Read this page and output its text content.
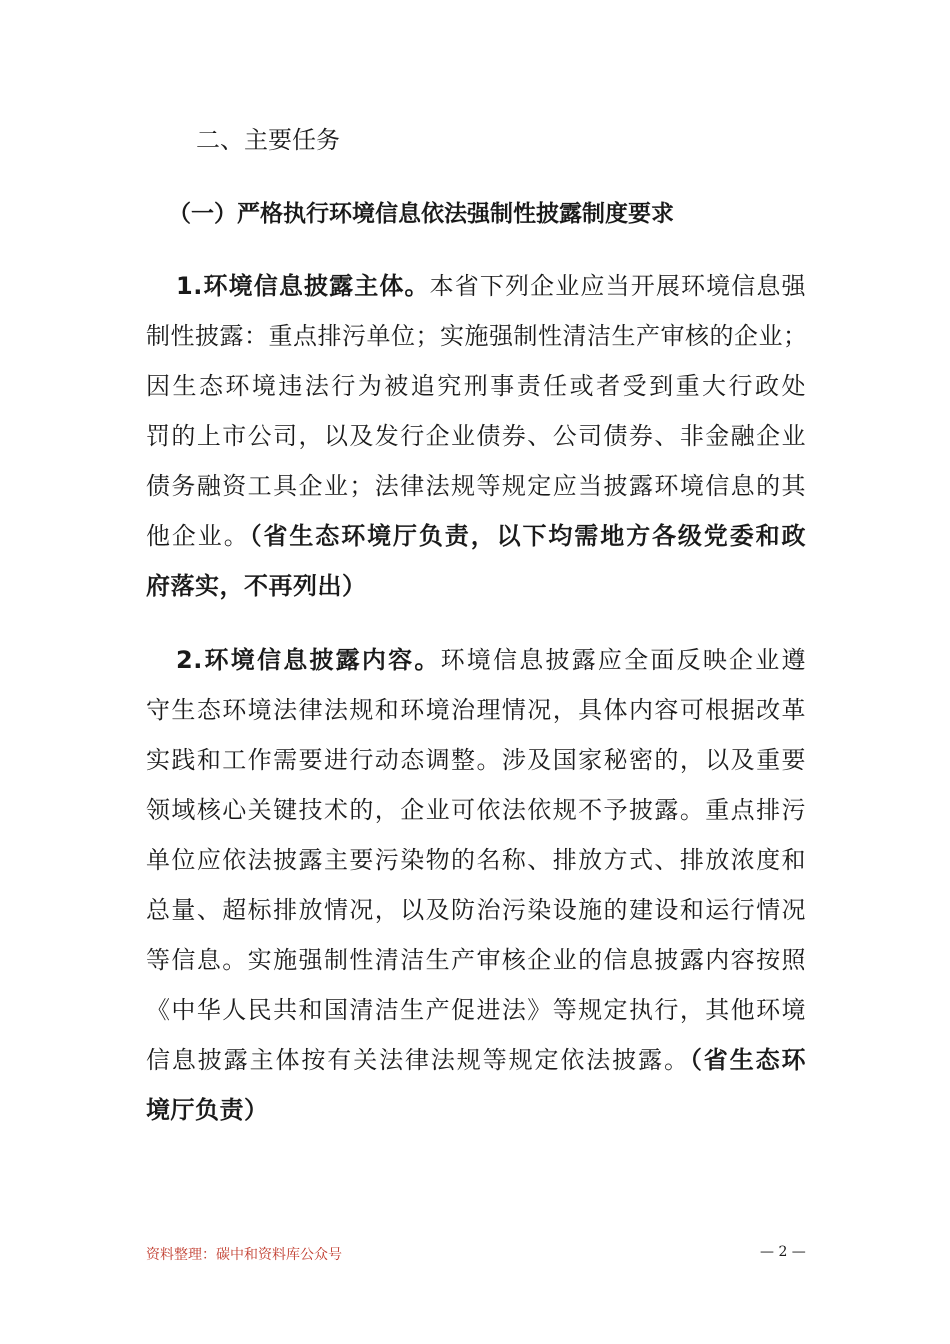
二、主要任务
（一）严格执行环境信息依法强制性披露制度要求
1.环境信息披露主体。本省下列企业应当开展环境信息强
制性披露：重点排污单位；实施强制性清洁生产审核的企业；
因生态环境违法行为被追究刑事责任或者受到重大行政处
罚的上市公司，以及发行企业债券、公司债券、非金融企业
债务融资工具企业；法律法规等规定应当披露环境信息的其
他企业。（省生态环境厅负责，以下均需地方各级党委和政
府落实，不再列出）
2.环境信息披露内容。环境信息披露应全面反映企业遵
守生态环境法律法规和环境治理情况，具体内容可根据改革
实践和工作需要进行动态调整。涉及国家秘密的，以及重要
领域核心关键技术的，企业可依法依规不予披露。重点排污
单位应依法披露主要污染物的名称、排放方式、排放浓度和
总量、超标排放情况，以及防治污染设施的建设和运行情况
等信息。实施强制性清洁生产审核企业的信息披露内容按照
《中华人民共和国清洁生产促进法》等规定执行，其他环境
信息披露主体按有关法律法规等规定依法披露。（省生态环
境厅负责）
资料整理：碳中和资料库公众号	— 2 —
